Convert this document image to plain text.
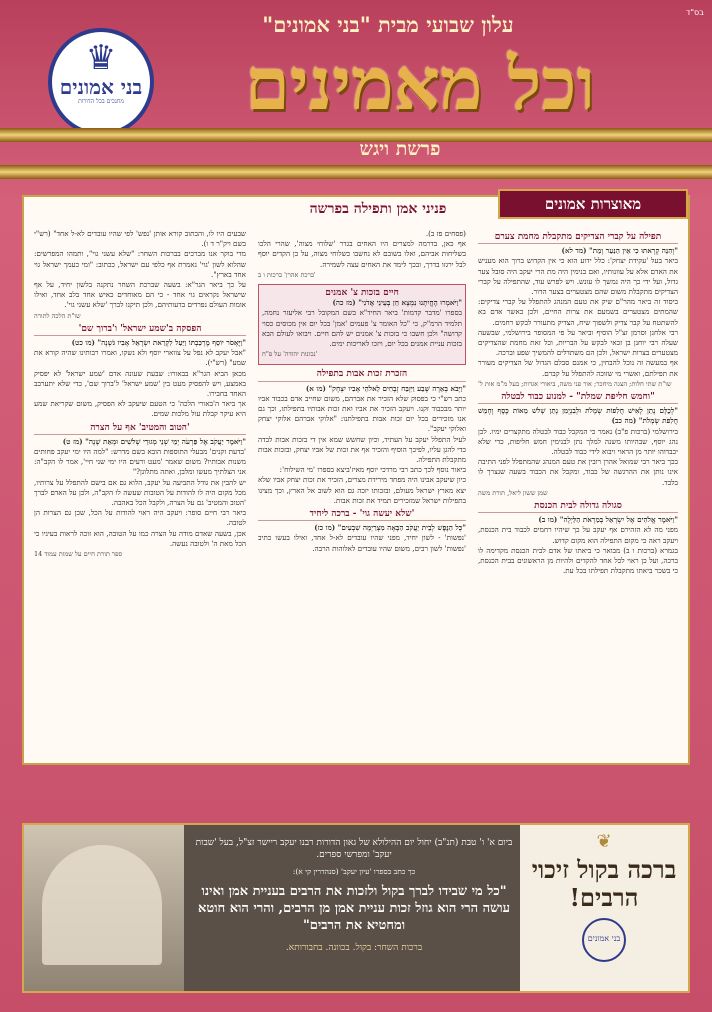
בס"ד
עלון שבועי מבית "בני אמונים"
♛
בני אמונים
מחנכים בכל הדורות	וכל מאמינים
פרשת ויגש
מאוצרות אמונים
פניני אמן ותפילה בפרשה
תפילה על קברי הצדיקים מתקבלת מחמת צערם
"וְהִנֵּה קְרָאתוּ כִי אֵין הַנַּעַר וָמֵת" (מד לא)
ביאר בעל 'עקידת יצחק': כלל ידוע הוא כי אין הקדוש ברוך הוא מעניש את האדם אלא על עוונותיו, ואם בנימין היה מת הרי יעקב היה סובל צער גדול, ועל ידי כך היה נמשך לו עונש. ויש לפרש עוד, שהתפילה על קברי הצדיקים מתקבלת משום שהם מצטערים בצער הדור.
ביסוד זה ביאר מהר"ם שיק את טעם המנהג להתפלל על קברי צדיקים: שהמתים מצטערים בשמעם את צרות החיים, ולכן כאשר אדם בא להשתטח על קבר צדיק ולשפוך שיח, הצדיק מתעורר לבקש רחמים.
רבי אלחנן וסרמן זצ"ל הוסיף וביאר על פי המסופר בירושלמי, שבשעה שעלה רבי יוחנן בן זכאי לבקש על הבריות, וכל זאת מחמת שהצדיקים מצטערים בצרות ישראל, ולכן הם משתדלים להמשיך שפע וברכה.
אף במעשה זה נוכל להבחין, כי אמנם סבלם הגדול של הצדיקים מעורר את תפילתם, ואשרי מי שזוכה להתפלל על קברם.
שו"ת שתי חלות; הצגה מיחכר; אור פני משה, ביאורי אגדות; בעל מ"מ אות ל'
"וחמש חליפת שמלת" - למנוע כבוד לבטלה
"לְכֻלָּם נָתַן לָאִישׁ חֲלִפוֹת שְׂמָלֹת וּלְבִנְיָמִן נָתַן שְׁלֹשׁ מֵאוֹת כֶּסֶף וְחָמֵשׁ חֲלִפֹת שְׂמָלֹת" (מה כב)
בירושלמי (ברכות פ"ב) נאמר כי המקבל כבוד לבטלה מתקצרים ימיו. לכן נהג יוסף, שבהיותו משנה למלך נתן לבנימין חמש חליפות, כדי שלא יכבדוהו יותר מן הראוי ויבוא לידי כבוד לבטלה.
בכך ביאר רבי שמואל אהרן רובין את טעם המנהג שהמתפלל לפני התיבה אינו נותן את ההרגשה של כבוד, ומקבל את הכבוד בשעה שנצרך לו בלבד.
שמן ששון ליאל, תורת משה
סגולה גדולה לבית הכנסת
"וַיֹּאמֶר אֱלֹהִים אֶל יִשְׂרָאֵל בְּמַרְאֹת הַלַּיְלָה" (מו ב)
מפני מה לא הזהירם אף יעקב על כך שיהיו רחמים לכבוד בית הכנסת, ויעקב ראה כי מקום התפילה הוא מקום קדוש.
בגמרא (ברכות ו ב) מבואר כי ביאתו של אדם לבית הכנסת מקדימה לו ברכה, ועל כן ראוי לכל אחד להקדים ולהיות מן הראשונים בבית הכנסת, כי בשכר ביאתו מתקבלת תפילתו בכל עת.
(פסחים פז ב).
אף כאן, בדרמה למצרים היו האחים בגדר 'שלוחי מצוה', שהרי הלכו בשליחות אביהם, ואלו בשובם לא נחשבו כשלוחי מצוה, על כן הקדים יוסף לבל ירגזו בדרך, ובכך לימד את האחים עצה לשמירה.
'ברכת אהרן' ברכות ו ב
חיים בזכות צ' אמנים
"וַיֹּאמְרוּ הֶחֱיִתָנוּ נִמְצָא חֵן בְּעֵינֵי אֲדֹנִי" (מז כה)
בספרו 'מדבר קדמות' ביאר החיד"א בשם המקובל רבי אליעזר נחמה, תלמיד הרמ"ק, כי "כל האומר צ' פעמים 'אמן' בכל יום אין מכוסים כסוי קדושה" ולכן חשבו כי בזכות צ' אמנים יש להם חיים. ויבואו לעולם הבא בזכות עניית אמנים בכל יום, ויזכו לאריכות ימים.
'נכונות יהודה' על פ"ח
הזכרת זכות אבות בתפילה
"וַיָּבֹא בְּאֵרָה שָּׁבַע וַיִּזְבַּח זְבָחִים לֵאלֹהֵי אָבִיו יִצְחָק" (מו א)
כתב רש"י כי בפסוק שלא הזכיר את אברהם, משום שחייב אדם בכבוד אביו יותר מבכבוד זקנו. ויעקב הזכיר את אביו ואת זכות אבותיו בתפילתו, וכך גם אנו מזכירים בכל יום זכות אבות בתפילתנו: "אלוקי אברהם אלוקי יצחק ואלוקי יעקב".
לעיל התפלל יעקב על העתיד, וכיון שחשש שמא אין די בזכות אבות לבדה כדי להגן עליו, לפיכך הוסיף והזכיר אף את זכות של אביו יצחק, ובזכות אבות מתקבלת התפילה.
ביאור נוסף לכך כתב רבי מרדכי יוסף מאיז'ביצא בספרו 'מי השילוח':
כיון שיעקב אבינו היה מפחד מירידת מצרים, הזכיר את זכות יצחק אביו שלא יצא מארץ ישראל מעולם, ובזכותו יזכה גם הוא לשוב אל הארץ, וכך מצינו בתפילות ישראל שמזכירים תמיד את זכות אבות.
'שלא יעשה גוי' - ברכה ליחיד
"כָּל הַנֶּפֶשׁ לְבֵית יַעֲקֹב הַבָּאָה מִצְרַיְמָה שִׁבְעִים" (מו כז)
'נפשות' - לשון יחיד, מפני שהיו עובדים לא-ל אחד, ואילו בעשו כתיב 'נפשות' לשון רבים, משום שהיו עובדים לאלוהות הרבה.
שבעים היו לו, והכתוב קורא אותן 'נפש' לפי שהיו עובדים לא-ל אחד" (רש"י בשם ויק"ר ד ו).
מדי בוקר אנו מברכים בברכות השחר: "שלא עשני גוי", ותמהו המפרשים: שהלוא לשון 'גוי' נאמרת אף כלפי עם ישראל, ככתוב: "ומי כעמך ישראל גוי אחד בארץ".
על כך ביאר הגר"א: בשעה שברכת השחר נתקנה בלשון יחיד, על אף שישראל נקראים גוי אחד - כי הם מאוחדים כאיש אחד בלב אחד, ואילו אומות העולם נפרדים בדעותיהם, ולכן תיקנו לברך 'שלא עשני גוי'.
שו"ת הלכה לתורה
הפסקה ב'שמע ישראל' ו'ברוך שם'
"וַיֶּאְסֹר יוֹסֵף מֶרְכַּבְתּוֹ וַיַּעַל לִקְרַאת יִשְׂרָאֵל אָבִיו גֹּשְׁנָה" (מו כט)
"אבל יעקב לא נפל על צווארי יוסף ולא נשקו, ואמרו רבותינו שהיה קורא את שמע" (רש"י).
מכאן הביא הגר"א בבאורו: שבעת שעונה אדם 'שמע ישראל' לא יפסיק באמצע, ויש להפסיק מעט בין 'שמע ישראל' ל'ברוך שם', כדי שלא יתערבב האחד בחבירו.
אך ביאר ה'באורי הלכה' כי הטעם שיעקב לא הפסיק, משום שקריאת שמע היא עיקר קבלת עול מלכות שמים.
'הטוב והמטיב' אף על הצרה
"וַיֹּאמֶר יַעֲקֹב אֶל פַּרְעֹה יְמֵי שְׁנֵי מְגוּרַי שְׁלֹשִׁים וּמְאַת שָׁנָה" (מז ט)
'בדעת זקנים' מבעלי התוספות הובא בשם מדרש: "למה היו ימי יעקב פחותים משנות אבותיו? משום שאמר 'מעט ורעים היו ימי שני חיי', אמר לו הקב"ה: אני הצלתיך מעשו ומלבן, ואתה מתלונן?"
יש להבין את גודל התביעה על יעקב, הלוא גם אם בישם להתפלל על צרותיו, מכל מקום היה לו להודות על הטובות שעשה לו הקב"ה, ולכן על האדם לברך 'הטוב והמטיב' גם על הצרה, ולקבל הכל באהבה.
ביאר רבי חיים סופר: ויעקב היה ראוי להודות על הכל, שכן גם הצרות הן לטובה.
אכן, בשעה שאדם מודה על הצרה כמו על הטובה, הוא זוכה לראות בעיניו כי הכל מאת ה' ולטובה נעשה.
ספר תורת חיים על שמות עמוד 14
ביום א' ו' טבת (תנ"ב) יחול יום ההילולא של גאון הדורות רבנו יעקב ריישר זצ"ל, בעל 'שבות יעקב' ומפרשי ספרים.
כך כתב בספרו 'עיון יעקב' (סנהדרין קי א):
"כל מי שבידו לברך בקול ולזכות את הרבים בעניית אמן ואינו עושה הרי הוא גוזל זכות עניית אמן מן הרבים, והרי הוא חוטא ומחטיא את הרבים"
ברכות השחר: בקול. בכוונה. בחבורותא.
❦
ברכה בקול זיכוי הרבים!
בני אמונים
